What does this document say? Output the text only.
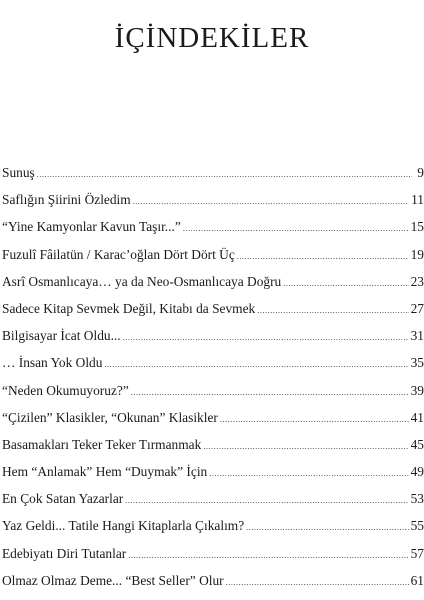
İÇİNDEKİLER
Sunuş .....	9
Saflığın Şiirini Özledim .....	11
“Yine Kamyonlar Kavun Taşır...” .....	15
Fuzulî Fâilatün / Karac’oğlan Dört Dört Üç .....	19
Asrî Osmanlıcaya… ya da Neo-Osmanlıcaya Doğru .....	23
Sadece Kitap Sevmek Değil, Kitabı da Sevmek .....	27
Bilgisayar İcat Oldu... .....	31
… İnsan Yok Oldu .....	35
“Neden Okumuyoruz?” .....	39
“Çizilen” Klasikler, “Okunan” Klasikler .....	41
Basamakları Teker Teker Tırmanmak .....	45
Hem “Anlamak” Hem “Duymak” İçin .....	49
En Çok Satan Yazarlar .....	53
Yaz Geldi... Tatile Hangi Kitaplarla Çıkalım? .....	55
Edebiyatı Diri Tutanlar .....	57
Olmaz Olmaz Deme... “Best Seller” Olur .....	61
